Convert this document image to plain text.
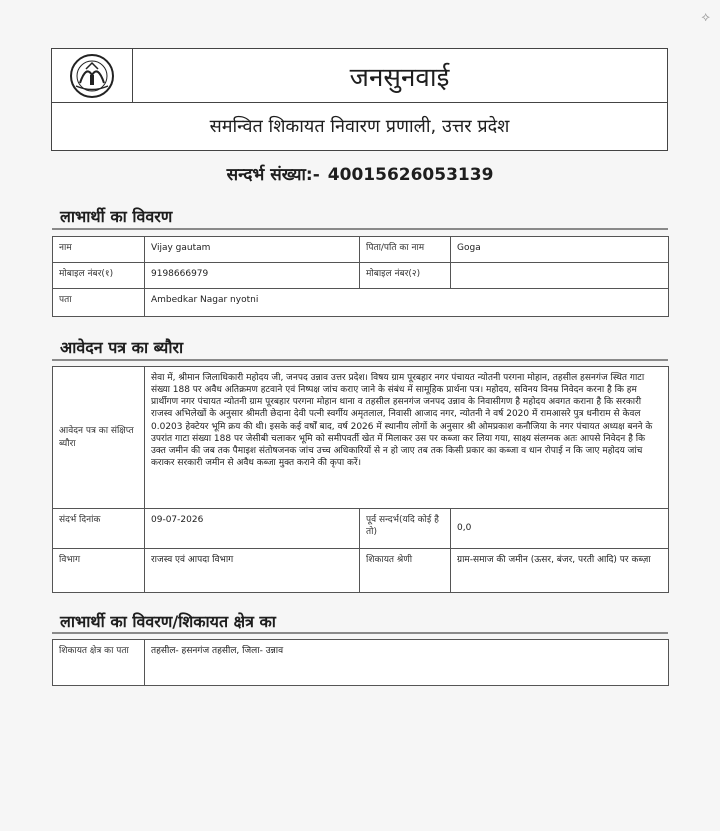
⟡
जनसुनवाई
समन्वित शिकायत निवारण प्रणाली, उत्तर प्रदेश
सन्दर्भ संख्या:- 40015626053139
लाभार्थी का विवरण
नाम	Vijay gautam	पिता/पति का नाम	Goga
मोबाइल नंबर(१)	9198666979	मोबाइल नंबर(२)	
पता	Ambedkar Nagar nyotni		
आवेदन पत्र का ब्यौरा
आवेदन पत्र का संक्षिप्त ब्यौरा	सेवा में, श्रीमान जिलाधिकारी महोदय जी, जनपद उन्नाव उत्तर प्रदेश। विषय ग्राम पूरबहार नगर पंचायत न्योतनी परगना मोहान, तहसील हसनगंज स्थित गाटा संख्या 188 पर अवैध अतिक्रमण हटवाने एवं निष्पक्ष जांच कराए जाने के संबंध में सामूहिक प्रार्थना पत्र। महोदय, सविनय विनम्र निवेदन करना है कि हम प्रार्थीगण नगर पंचायत न्योतनी ग्राम पूरबहार परगना मोहान थाना व तहसील हसनगंज जनपद उन्नाव के निवासीगण है महोदय अवगत कराना है कि सरकारी राजस्व अभिलेखों के अनुसार श्रीमती छेदाना देवी पत्नी स्वर्गीय अमृतलाल, निवासी आजाद नगर, न्योतनी ने वर्ष 2020 में रामआसरे पुत्र धनीराम से केवल 0.0203 हेक्टेयर भूमि क्रय की थी। इसके कई वर्षों बाद, वर्ष 2026 में स्थानीय लोगों के अनुसार श्री ओमप्रकाश कनौजिया के नगर पंचायत अध्यक्ष बनने के उपरांत गाटा संख्या 188 पर जेसीबी चलाकर भूमि को समीपवर्ती खेत में मिलाकर उस पर कब्जा कर लिया गया, साक्ष्य संलग्नक अतः आपसे निवेदन है कि उक्त जमीन की जब तक पैमाइश संतोषजनक जांच उच्च अधिकारियों से न हो जाए तब तक किसी प्रकार का कब्जा व धान रोपाई न कि जाए महोदय जांच कराकर सरकारी जमीन से अवैध कब्जा मुक्त कराने की कृपा करें।		
संदर्भ दिनांक	09-07-2026	पूर्व सन्दर्भ(यदि कोई है तो)	0,0
विभाग	राजस्व एवं आपदा विभाग	शिकायत श्रेणी	ग्राम-समाज की जमीन (ऊसर, बंजर, परती आदि) पर कब्ज़ा
लाभार्थी का विवरण/शिकायत क्षेत्र का
शिकायत क्षेत्र का पता	तहसील- हसनगंज तहसील, जिला- उन्नाव
